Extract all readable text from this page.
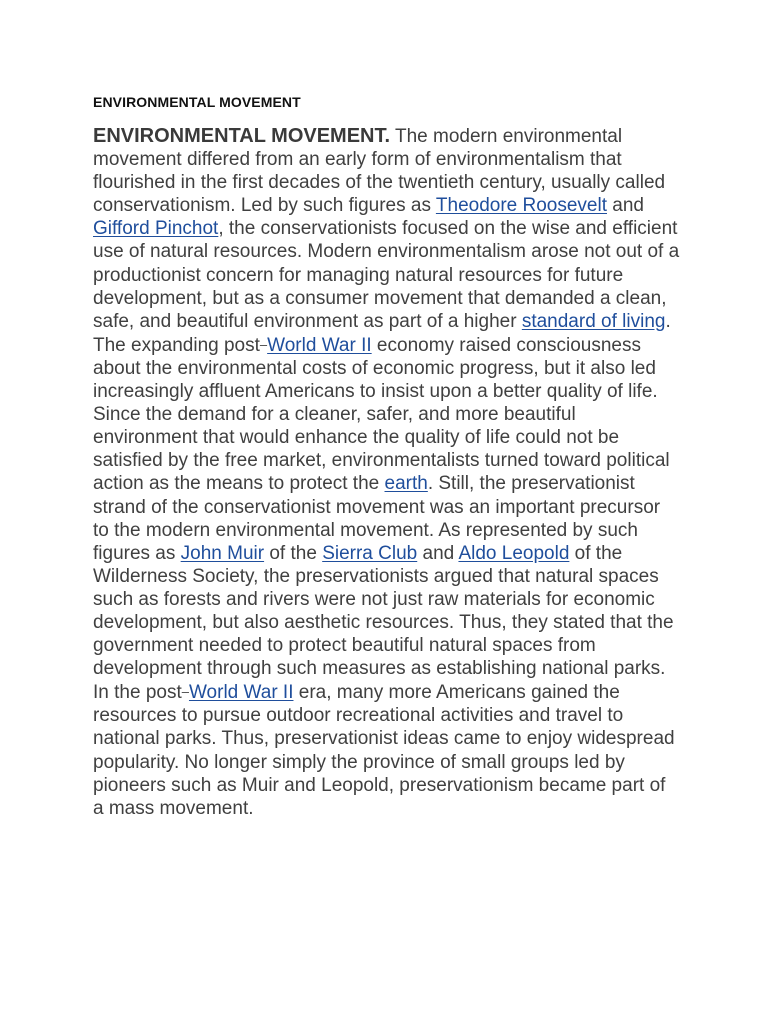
ENVIRONMENTAL MOVEMENT

ENVIRONMENTAL MOVEMENT. The modern environmental movement differed from an early form of environmentalism that flourished in the first decades of the twentieth century, usually called conservationism. Led by such figures as Theodore Roosevelt and Gifford Pinchot, the conservationists focused on the wise and efficient use of natural resources. Modern environmentalism arose not out of a productionist concern for managing natural resources for future development, but as a consumer movement that demanded a clean, safe, and beautiful environment as part of a higher standard of living. The expanding post–World War II economy raised consciousness about the environmental costs of economic progress, but it also led increasingly affluent Americans to insist upon a better quality of life. Since the demand for a cleaner, safer, and more beautiful environment that would enhance the quality of life could not be satisfied by the free market, environmentalists turned toward political action as the means to protect the earth. Still, the preservationist strand of the conservationist movement was an important precursor to the modern environmental movement. As represented by such figures as John Muir of the Sierra Club and Aldo Leopold of the Wilderness Society, the preservationists argued that natural spaces such as forests and rivers were not just raw materials for economic development, but also aesthetic resources. Thus, they stated that the government needed to protect beautiful natural spaces from development through such measures as establishing national parks. In the post–World War II era, many more Americans gained the resources to pursue outdoor recreational activities and travel to national parks. Thus, preservationist ideas came to enjoy widespread popularity. No longer simply the province of small groups led by pioneers such as Muir and Leopold, preservationism became part of a mass movement.
